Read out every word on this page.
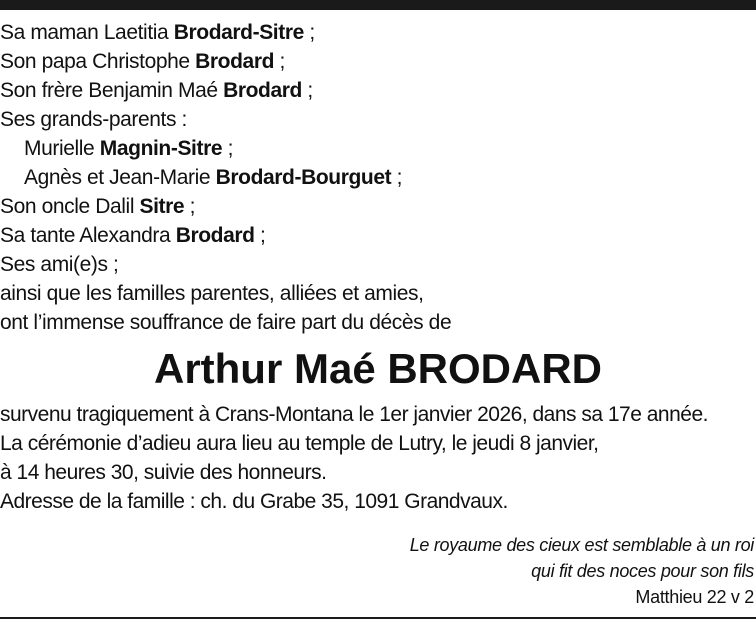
Sa maman Laetitia Brodard-Sitre ;
Son papa Christophe Brodard ;
Son frère Benjamin Maé Brodard ;
Ses grands-parents :
Murielle Magnin-Sitre ;
Agnès et Jean-Marie Brodard-Bourguet ;
Son oncle Dalil Sitre ;
Sa tante Alexandra Brodard ;
Ses ami(e)s ;
ainsi que les familles parentes, alliées et amies,
ont l’immense souffrance de faire part du décès de
Arthur Maé BRODARD
survenu tragiquement à Crans-Montana le 1er janvier 2026, dans sa 17e année.
La cérémonie d’adieu aura lieu au temple de Lutry, le jeudi 8 janvier,
à 14 heures 30, suivie des honneurs.
Adresse de la famille : ch. du Grabe 35, 1091 Grandvaux.
Le royaume des cieux est semblable à un roi
qui fit des noces pour son fils
Matthieu 22 v 2
